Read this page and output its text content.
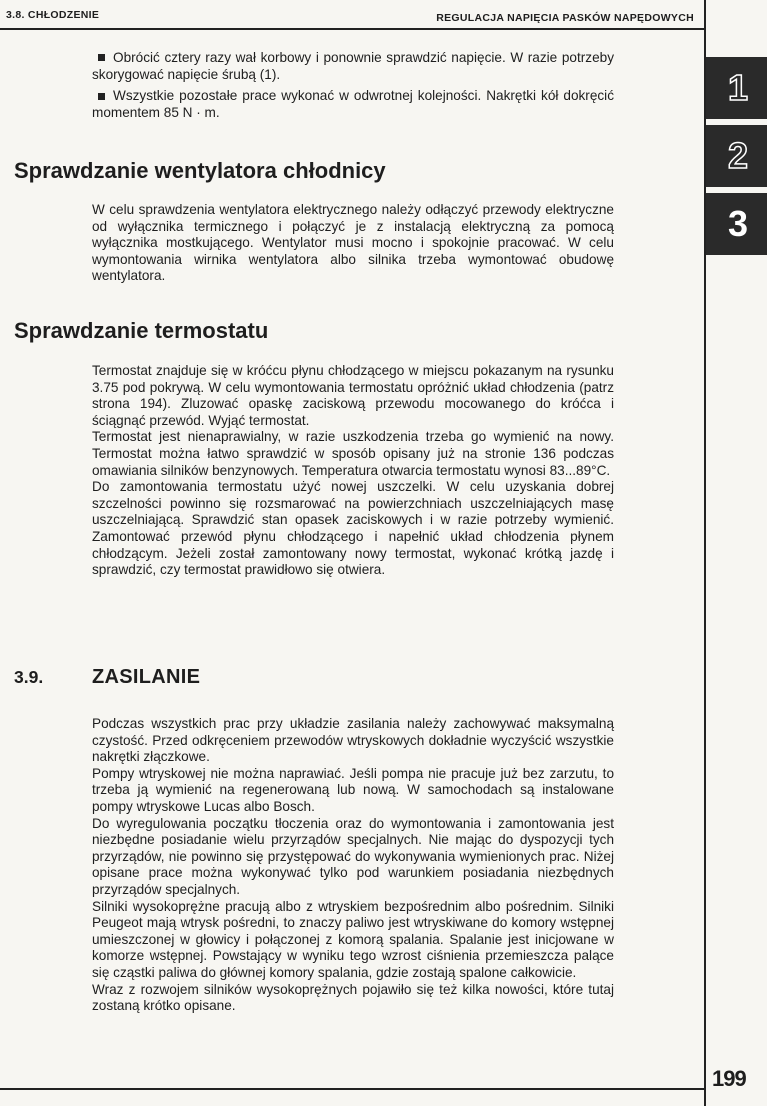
3.8. CHŁODZENIE	REGULACJA NAPIĘCIA PASKÓW NAPĘDOWYCH
1
2
3

Obrócić cztery razy wał korbowy i ponownie sprawdzić napięcie. W razie potrzeby skorygować napięcie śrubą (1).

Wszystkie pozostałe prace wykonać w odwrotnej kolejności. Nakrętki kół dokręcić momentem 85 N · m.

Sprawdzanie wentylatora chłodnicy

W celu sprawdzenia wentylatora elektrycznego należy odłączyć przewody elektryczne od wyłącznika termicznego i połączyć je z instalacją elektryczną za pomocą wyłącznika mostkującego. Wentylator musi mocno i spokojnie pracować. W celu wymontowania wirnika wentylatora albo silnika trzeba wymontować obudowę wentylatora.

Sprawdzanie termostatu

Termostat znajduje się w króćcu płynu chłodzącego w miejscu pokazanym na rysunku 3.75 pod pokrywą. W celu wymontowania termostatu opróżnić układ chłodzenia (patrz strona 194). Zluzować opaskę zaciskową przewodu mocowanego do króćca i ściągnąć przewód. Wyjąć termostat.

Termostat jest nienaprawialny, w razie uszkodzenia trzeba go wymienić na nowy. Termostat można łatwo sprawdzić w sposób opisany już na stronie 136 podczas omawiania silników benzynowych. Temperatura otwarcia termostatu wynosi 83...89°C.

Do zamontowania termostatu użyć nowej uszczelki. W celu uzyskania dobrej szczelności powinno się rozsmarować na powierzchniach uszczelniających masę uszczelniającą. Sprawdzić stan opasek zaciskowych i w razie potrzeby wymienić. Zamontować przewód płynu chłodzącego i napełnić układ chłodzenia płynem chłodzącym. Jeżeli został zamontowany nowy termostat, wykonać krótką jazdę i sprawdzić, czy termostat prawidłowo się otwiera.

3.9. ZASILANIE

Podczas wszystkich prac przy układzie zasilania należy zachowywać maksymalną czystość. Przed odkręceniem przewodów wtryskowych dokładnie wyczyścić wszystkie nakrętki złączkowe.

Pompy wtryskowej nie można naprawiać. Jeśli pompa nie pracuje już bez zarzutu, to trzeba ją wymienić na regenerowaną lub nową. W samochodach są instalowane pompy wtryskowe Lucas albo Bosch.

Do wyregulowania początku tłoczenia oraz do wymontowania i zamontowania jest niezbędne posiadanie wielu przyrządów specjalnych. Nie mając do dyspozycji tych przyrządów, nie powinno się przystępować do wykonywania wymienionych prac. Niżej opisane prace można wykonywać tylko pod warunkiem posiadania niezbędnych przyrządów specjalnych.

Silniki wysokoprężne pracują albo z wtryskiem bezpośrednim albo pośrednim. Silniki Peugeot mają wtrysk pośredni, to znaczy paliwo jest wtryskiwane do komory wstępnej umieszczonej w głowicy i połączonej z komorą spalania. Spalanie jest inicjowane w komorze wstępnej. Powstający w wyniku tego wzrost ciśnienia przemieszcza palące się cząstki paliwa do głównej komory spalania, gdzie zostają spalone całkowicie.

Wraz z rozwojem silników wysokoprężnych pojawiło się też kilka nowości, które tutaj zostaną krótko opisane.

199
